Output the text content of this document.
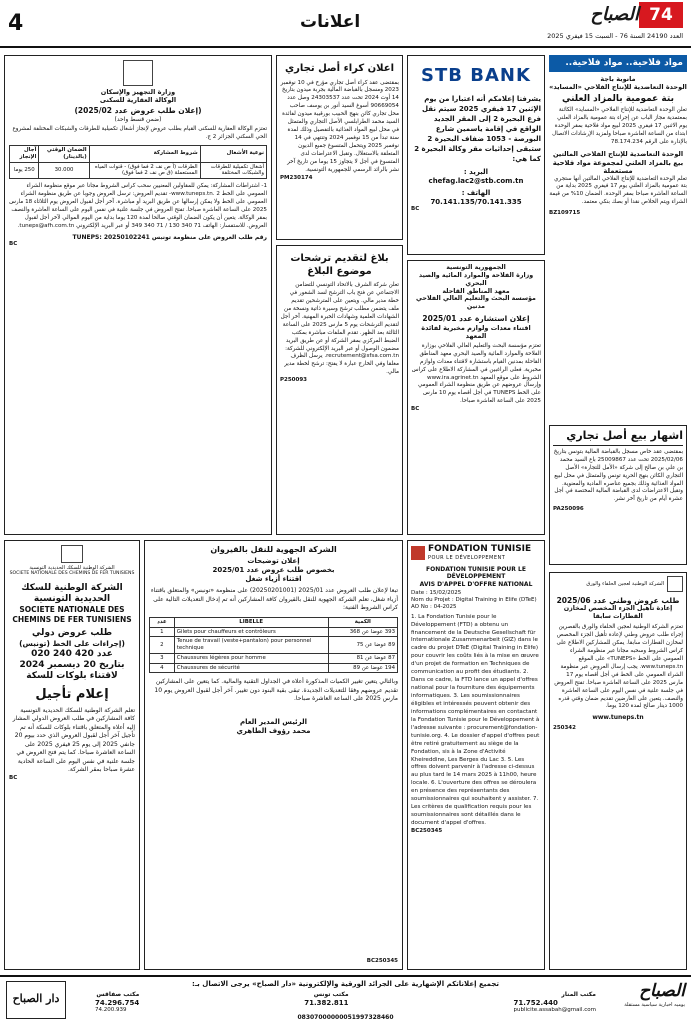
4	اعلانات	74
الصباح
العدد 24190 السنة 76 - السبت 15 فيفري 2025
مواد فلاحية.. مواد فلاحية..
مانوبة باجة
الوحدة التعاضدية للإنتاج الفلاحي «المسايد»
بتة عمومية بالمزاد العلني
تعلن الوحدة التعاضدية للإنتاج الفلاحي «المسايد» الكائنة بمعتمدية مجاز الباب عن إجراء بتة عمومية بالمزاد العلني يوم الاثنين 17 فيفري 2025 لبيع مواد فلاحية بمقر الوحدة ابتداء من الساعة العاشرة صباحا ولمزيد الإرشادات الاتصال بالإدارة على الرقم 78.174.234
الوحدة التعاضدية للإنتاج الفلاحي المالتين
بيع بالمزاد العلني لمجموعة مواد فلاحية مستعملة
تعلم الوحدة التعاضدية للإنتاج الفلاحي المالتين أنها ستجري بتة عمومية بالمزاد العلني يوم 17 فيفري 2025 بداية من الساعة العاشرة صباحا بمقر الوحدة. الضمان 10% من قيمة الشراء ويتم الخلاص نقدا أو بصك بنكي معتمد.
BZ109715
اشهار بيع أصل تجاري
بمقتضى عقد خاص مسجل بالقباضة المالية بتونس بتاريخ 2025/02/06 تحت عدد 25009867 باع السيد محمد بن علي بن صالح إلى شركة «الأمل للتجارة» الأصل التجاري الكائن بنهج الحرية تونس والمتمثل في محل لبيع المواد الغذائية وذلك بجميع عناصره المادية والمعنوية. وتقبل الاعتراضات لدى القباضة المالية المختصة في أجل عشرة أيام من تاريخ آخر نشر.
PA250096
الشركة الوطنية لعجين الحلفاء والورق
طلب عروض وطني عدد 2025/06
إعادة تأهيل الجزء المخصص لمخازن القطارات سابقا
تعتزم الشركة الوطنية لعجين الحلفاء والورق بالقصرين إجراء طلب عروض وطني لإعادة تأهيل الجزء المخصص لمخازن القطارات سابقا. يمكن للمشاركين الاطلاع على كراس الشروط وسحبه مجانا عبر منظومة الشراء العمومي على الخط «TUNEPS» على الموقع www.tuneps.tn. يجب إرسال العروض عبر منظومة الشراء العمومي على الخط في أجل أقصاه يوم 17 مارس 2025 على الساعة العاشرة صباحا. تفتح العروض في جلسة علنية في نفس اليوم على الساعة العاشرة والنصف. يتعين على العارضين تقديم ضمان وقتي قدره 1000 دينار صالح لمدة 120 يوما.
www.tuneps.tn
250342
STB BANK
يشرفنا إعلامكم أنه اعتبارا من يوم الإثنين 17 فيفري 2025 سيتم نقل فرع البحيرة 2 إلى المقر الجديد الواقع في إقامة ياسمين شارع البورصة - 1053 ضفاف البحيرة 2 ستبقى إحداثيات مقر وكالة البحيرة 2 كما هي:
البريد :
chefag.lac2@stb.com.tn
الهاتف :
70.141.135/70.141.335
BC
الجمهورية التونسية
وزارة الفلاحة والموارد المائية والصيد البحري
معهد المناطق القاحلة
مؤسسة البحث والتعليم العالي الفلاحي
مدنين
إعلان استشارة عدد 2025/01
اقتناء معدات ولوازم مخبرية لفائدة المعهد
تعتزم مؤسسة البحث والتعليم العالي الفلاحي بوزارة الفلاحة والموارد المائية والصيد البحري معهد المناطق القاحلة بمدنين القيام باستشارة لاقتناء معدات ولوازم مخبرية. فعلى الراغبين في المشاركة الاطلاع على كراس الشروط على موقع المعهد www.ira.agrinet.tn وإرسال عروضهم عن طريق منظومة الشراء العمومي على الخط TUNEPS في أجل أقصاه يوم 10 مارس 2025 على الساعة العاشرة صباحا.
BC
FONDATION TUNISIE
POUR LE DÉVELOPPEMENT
FONDATION TUNISIE POUR LE DÉVELOPPEMENT
AVIS D'APPEL D'OFFRE NATIONAL
Date : 15/02/2025
Nom du Projet : Digital Training in Elife (DTeE)
AO No : 04-2025
1. La Fondation Tunisie pour le Développement (FTD) a obtenu un financement de la Deutsche Gesellschaft für Internationale Zusammenarbeit (GIZ) dans le cadre du projet DTeE (Digital Training in Elife) pour couvrir les coûts liés à la mise en œuvre d'un projet de formation en Techniques de communication au profit des étudiants. 2. Dans ce cadre, la FTD lance un appel d'offres national pour la fourniture des équipements informatiques. 3. Les soumissionnaires éligibles et intéressés peuvent obtenir des informations complémentaires en contactant la Fondation Tunisie pour le Développement à l'adresse suivante : procurement@fondation-tunisie.org. 4. Le dossier d'appel d'offres peut être retiré gratuitement au siège de la Fondation, sis à la Zone d'Activité Kheireddine, Les Berges du Lac 3. 5. Les offres doivent parvenir à l'adresse ci-dessus au plus tard le 14 mars 2025 à 11h00, heure locale. 6. L'ouverture des offres se déroulera en présence des représentants des soumissionnaires qui souhaitent y assister. 7. Les critères de qualification requis pour les soumissionnaires sont détaillés dans le document d'appel d'offres.
BC250345
اعلان كراء أصل تجاري
بمقتضى عقد كراء أصل تجاري مؤرخ في 10 نوفمبر 2023 ومسجل بالقباضة المالية بجربة ميدون بتاريخ 14 أوت 2024 تحت عدد 24303537 وصل عدد 90669054 أسوغ السيد أنور بن يوسف صاحب محل تجاري كائن بنهج الحبيب بورقيبة ميدون لفائدة السيد محمد الطرابلسي الأصل التجاري والمتمثل في محل لبيع المواد الغذائية بالتفصيل وذلك لمدة سنة تبدأ من 15 نوفمبر 2024 وتنتهي في 14 نوفمبر 2025 ويتحمل المتسوغ جميع الديون المتعلقة بالاستغلال. وتقبل الاعتراضات لدى المتسوغ في أجل لا يتجاوز 15 يوما من تاريخ آخر نشر بالرائد الرسمي للجمهورية التونسية.
PM230174
بلاغ لتقديم ترشحات موضوع البلاغ
تعلن شركة الشرف بالاتحاد التونسي للتضامن الاجتماعي عن فتح باب الترشح لسد الشغور في خطة مدير مالي. ويتعين على المترشحين تقديم ملف يتضمن مطلب ترشح وسيرة ذاتية ونسخة من الشهادات العلمية وشهادات الخبرة المهنية. آخر أجل لتقديم الترشحات يوم 5 مارس 2025 على الساعة الثالثة بعد الظهر. تقدم الملفات مباشرة بمكتب الضبط المركزي بمقر الشركة أو عن طريق البريد مضمون الوصول أو عبر البريد الإلكتروني للشركة: recrutement@sfsa.com.tn. يرسل الظرف مغلقا وفي الخارج عبارة لا يفتح: ترشح لخطة مدير مالي.
P250093
وزارة التجهيز والإسكان
الوكالة العقارية للسكنى
(إعلان طلب عروض عدد 2025/02)
(ضمن قسط واحد)
تعتزم الوكالة العقارية للسكنى القيام بطلب عروض لإنجاز أشغال تكميلية للطرقات والشبكات المختلفة لمشروع الحي السكني الجزائر 2 ج.
نوعية الأشغال	شروط المشاركة	الضمان الوقتي (بالدينار)	آجال الإنجاز
أشغال تكميلية للطرقات والشبكات المختلفة	الطرقات (أ ص نف 2 فما فوق) - قنوات المياه المستعملة (ق ص نف 2 فما فوق)	30.000	250 يوما
1- اشتراطات المشاركة: يمكن للمقاولين المعنيين سحب كراس الشروط مجانا عبر موقع منظومة الشراء العمومي على الخط www.tuneps.tn. 2- تقديم العروض: ترسل العروض وجوبا عن طريق منظومة الشراء العمومي على الخط ولا يمكن إرسالها عن طريق البريد أو مباشرة. آخر أجل لقبول العروض يوم الثلاثاء 18 مارس 2025 على الساعة العاشرة صباحا. تفتح العروض في جلسة علنية في نفس اليوم على الساعة العاشرة والنصف بمقر الوكالة. يتعين أن يكون الضمان الوقتي صالحا لمدة 120 يوما بداية من اليوم الموالي لآخر أجل لقبول العروض. للاستفسار: الهاتف 71 340 130 / 71 340 349 أو عبر البريد الإلكتروني tuneps@afh.com.tn.
رقم طلب العروض على منظومة تونبس TUNEPS: 20250102241
BC
الشركة الوطنية للسكك الحديدية التونسية
SOCIETE NATIONALE DES CHEMINS DE FER TUNISIENS
الشركة الوطنية للسكك الحديدية التونسية
SOCIETE NATIONALE DES CHEMINS DE FER TUNISIENS
طلب عروض دولي
(إجراءات على الخط (تونبس)
عدد 420 240 020
بتاريخ 20 ديسمبر 2024
لاقتناء بلوكات للسكة
إعلام تأجيل
تعلم الشركة الوطنية للسكك الحديدية التونسية كافة المشاركين في طلب العروض الدولي المشار إليه أعلاه والمتعلق باقتناء بلوكات للسكة أنه تم تأجيل آخر أجل لقبول العروض الذي حدد بيوم 20 جانفي 2025 إلى يوم 25 فيفري 2025 على الساعة العاشرة صباحا. كما يتم فتح العروض في جلسة علنية في نفس اليوم على الساعة الحادية عشرة صباحا بمقر الشركة.
BC
الشركة الجهوية للنقل بالقيروان
إعلان توضيحات
بخصوص طلب عروض عدد 2025/01
اقتناء أزياء شغل
تبعا لإعلان طلب العروض عدد 2025/01 (20250201001) على منظومة «تونبس» والمتعلق باقتناء أزياء شغل، تعلم الشركة الجهوية للنقل بالقيروان كافة المشاركين أنه تم إدخال التعديلات التالية على كراس الشروط الفنية:
عدد	LIBELLE	الكمية
1	Gilets pour chauffeurs et contrôleurs	393 عوضا عن 368
2	Tenue de travail (veste+pantalon) pour personnel technique	89 عوضا عن 75
3	Chaussures légères pour homme	87 عوضا عن 81
4	Chaussures de sécurité	194 عوضا عن 89
وبالتالي يتعين تغيير الكميات المذكورة أعلاه في الجداول التقنية والمالية. كما يتعين على المشاركين تقديم عروضهم وفقا للتعديلات الجديدة. تبقى بقية البنود دون تغيير. آخر أجل لقبول العروض يوم 10 مارس 2025 على الساعة العاشرة صباحا.
الرئيس المدير العام
محمد رؤوف الطاهري
BC250345
الصباح
يوميه اخبارية سياسية مستقلة
تجميع إعلاناتكم الإشهارية على الجرائد الورقية والإلكترونية «دار الصباح» يرجى الاتصال بـ:
مكتب صفاقس
74.296.754
74.200.939
مكتب تونس
71.382.811
مكتب المنار
71.752.440
publicite.assabah@gmail.com
08307000000051997328460
دار الصباح
